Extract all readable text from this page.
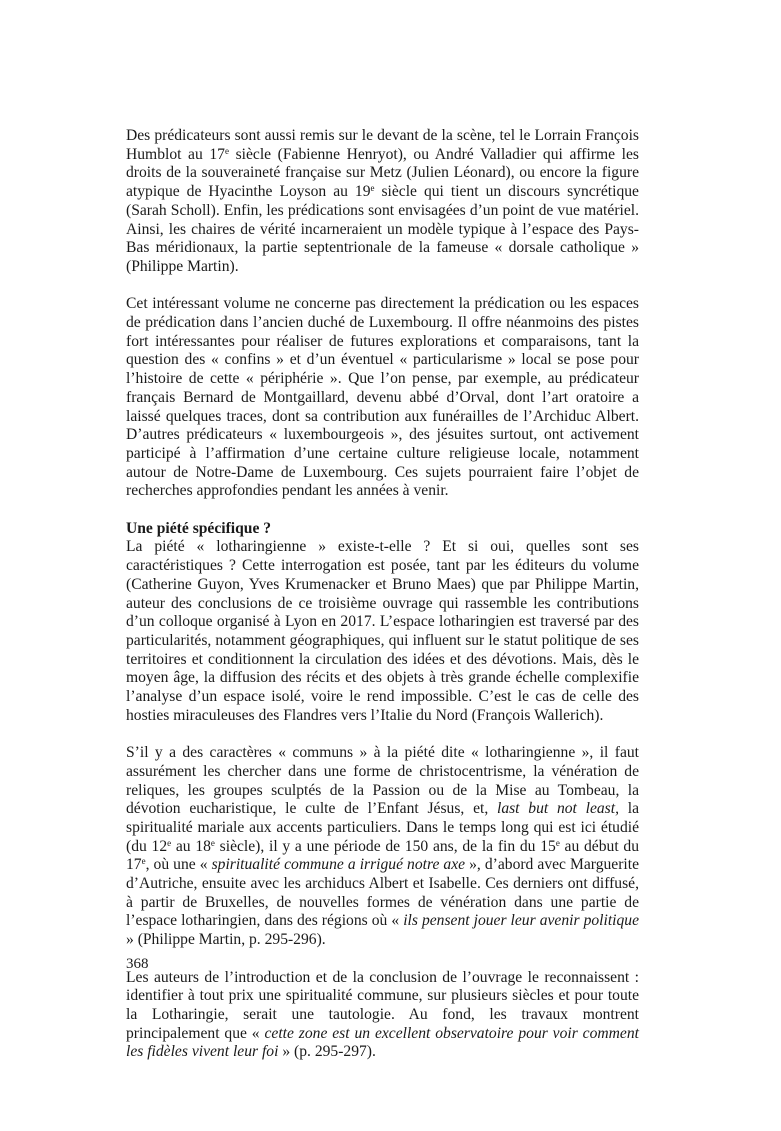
Des prédicateurs sont aussi remis sur le devant de la scène, tel le Lorrain François Humblot au 17e siècle (Fabienne Henryot), ou André Valladier qui affirme les droits de la souveraineté française sur Metz (Julien Léonard), ou encore la figure atypique de Hyacinthe Loyson au 19e siècle qui tient un discours syncrétique (Sarah Scholl). Enfin, les prédications sont envisagées d’un point de vue matériel. Ainsi, les chaires de vérité incarneraient un modèle typique à l’espace des Pays-Bas méridionaux, la partie septentrionale de la fameuse « dorsale catholique » (Philippe Martin).

Cet intéressant volume ne concerne pas directement la prédication ou les espaces de prédication dans l’ancien duché de Luxembourg. Il offre néanmoins des pistes fort intéressantes pour réaliser de futures explorations et comparaisons, tant la question des « confins » et d’un éventuel « particularisme » local se pose pour l’histoire de cette « périphérie ». Que l’on pense, par exemple, au prédicateur français Bernard de Montgaillard, devenu abbé d’Orval, dont l’art oratoire a laissé quelques traces, dont sa contribution aux funérailles de l’Archiduc Albert. D’autres prédicateurs « luxembourgeois », des jésuites surtout, ont activement participé à l’affirmation d’une certaine culture religieuse locale, notamment autour de Notre-Dame de Luxembourg. Ces sujets pourraient faire l’objet de recherches approfondies pendant les années à venir.

Une piété spécifique ?

La piété « lotharingienne » existe-t-elle ? Et si oui, quelles sont ses caractéristiques ? Cette interrogation est posée, tant par les éditeurs du volume (Catherine Guyon, Yves Krumenacker et Bruno Maes) que par Philippe Martin, auteur des conclusions de ce troisième ouvrage qui rassemble les contributions d’un colloque organisé à Lyon en 2017. L’espace lotharingien est traversé par des particularités, notamment géographiques, qui influent sur le statut politique de ses territoires et conditionnent la circulation des idées et des dévotions. Mais, dès le moyen âge, la diffusion des récits et des objets à très grande échelle complexifie l’analyse d’un espace isolé, voire le rend impossible. C’est le cas de celle des hosties miraculeuses des Flandres vers l’Italie du Nord (François Wallerich).

S’il y a des caractères « communs » à la piété dite « lotharingienne », il faut assurément les chercher dans une forme de christocentrisme, la vénération de reliques, les groupes sculptés de la Passion ou de la Mise au Tombeau, la dévotion eucharistique, le culte de l’Enfant Jésus, et, last but not least, la spiritualité mariale aux accents particuliers. Dans le temps long qui est ici étudié (du 12e au 18e siècle), il y a une période de 150 ans, de la fin du 15e au début du 17e, où une « spiritualité commune a irrigué notre axe », d’abord avec Marguerite d’Autriche, ensuite avec les archiducs Albert et Isabelle. Ces derniers ont diffusé, à partir de Bruxelles, de nouvelles formes de vénération dans une partie de l’espace lotharingien, dans des régions où « ils pensent jouer leur avenir politique » (Philippe Martin, p. 295-296).

Les auteurs de l’introduction et de la conclusion de l’ouvrage le reconnaissent : identifier à tout prix une spiritualité commune, sur plusieurs siècles et pour toute la Lotharingie, serait une tautologie. Au fond, les travaux montrent principalement que « cette zone est un excellent observatoire pour voir comment les fidèles vivent leur foi » (p. 295-297).

368
